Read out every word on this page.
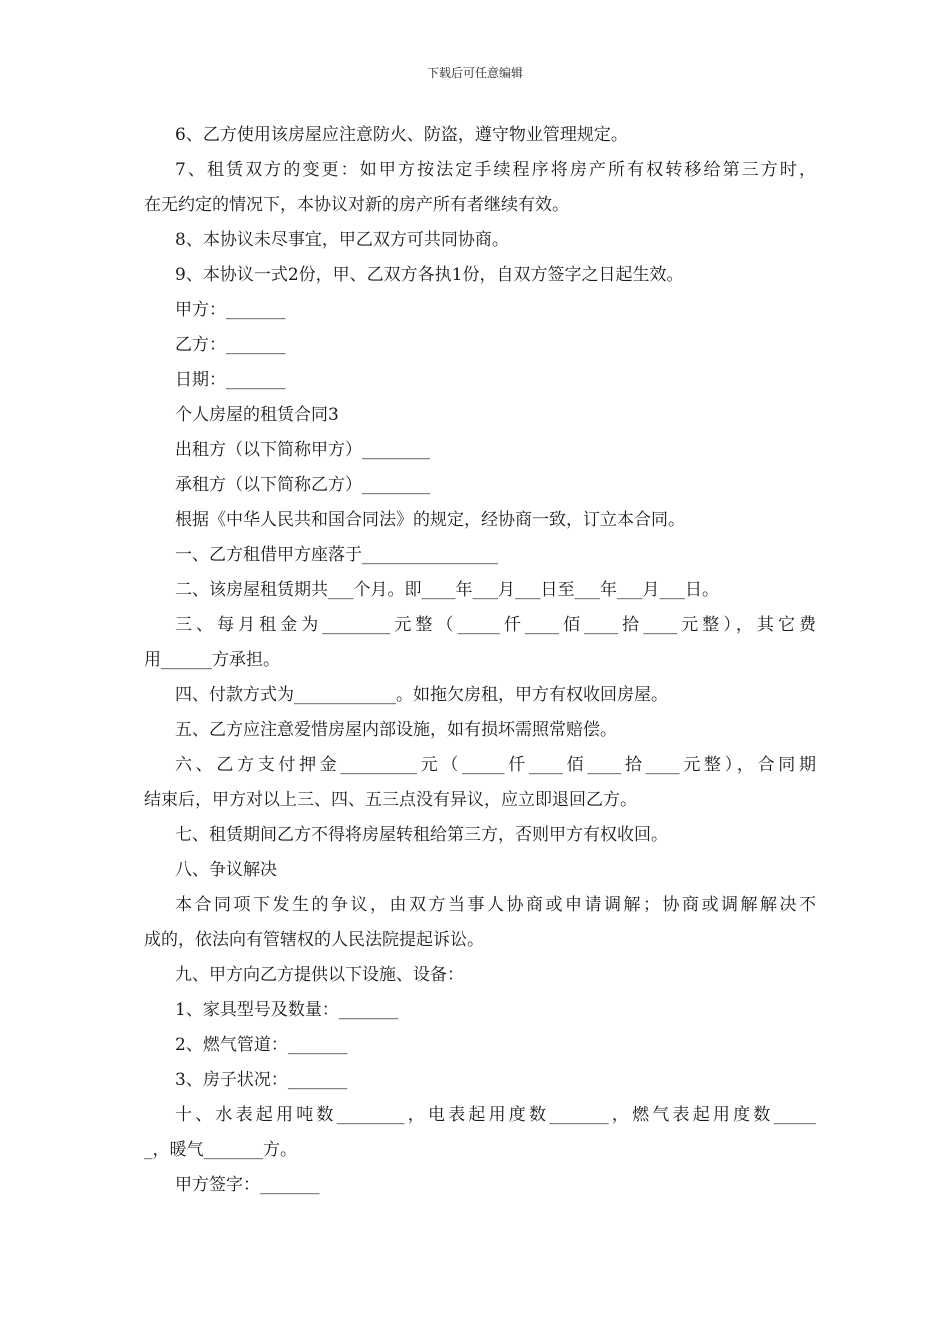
下载后可任意编辑

6、乙方使用该房屋应注意防火、防盗，遵守物业管理规定。

7、租赁双方的变更：如甲方按法定手续程序将房产所有权转移给第三方时，

在无约定的情况下，本协议对新的房产所有者继续有效。

8、本协议未尽事宜，甲乙双方可共同协商。

9、本协议一式2份，甲、乙双方各执1份，自双方签字之日起生效。

甲方：_______

乙方：_______

日期：_______

个人房屋的租赁合同3

出租方（以下简称甲方）________

承租方（以下简称乙方）________

根据《中华人民共和国合同法》的规定，经协商一致，订立本合同。

一、乙方租借甲方座落于________________

二、该房屋租赁期共___个月。即____年___月___日至___年___月___日。

三、每月租金为________元整（_____仟____佰____拾____元整），其它费

用______方承担。

四、付款方式为____________。如拖欠房租，甲方有权收回房屋。

五、乙方应注意爱惜房屋内部设施，如有损坏需照常赔偿。

六、乙方支付押金_________元（_____仟____佰____拾____元整），合同期

结束后，甲方对以上三、四、五三点没有异议，应立即退回乙方。

七、租赁期间乙方不得将房屋转租给第三方，否则甲方有权收回。

八、争议解决

本合同项下发生的争议，由双方当事人协商或申请调解；协商或调解解决不

成的，依法向有管辖权的人民法院提起诉讼。

九、甲方向乙方提供以下设施、设备：

1、家具型号及数量：_______

2、燃气管道：_______

3、房子状况：_______

十、水表起用吨数________，电表起用度数_______，燃气表起用度数_____

_，暖气_______方。

甲方签字：_______
